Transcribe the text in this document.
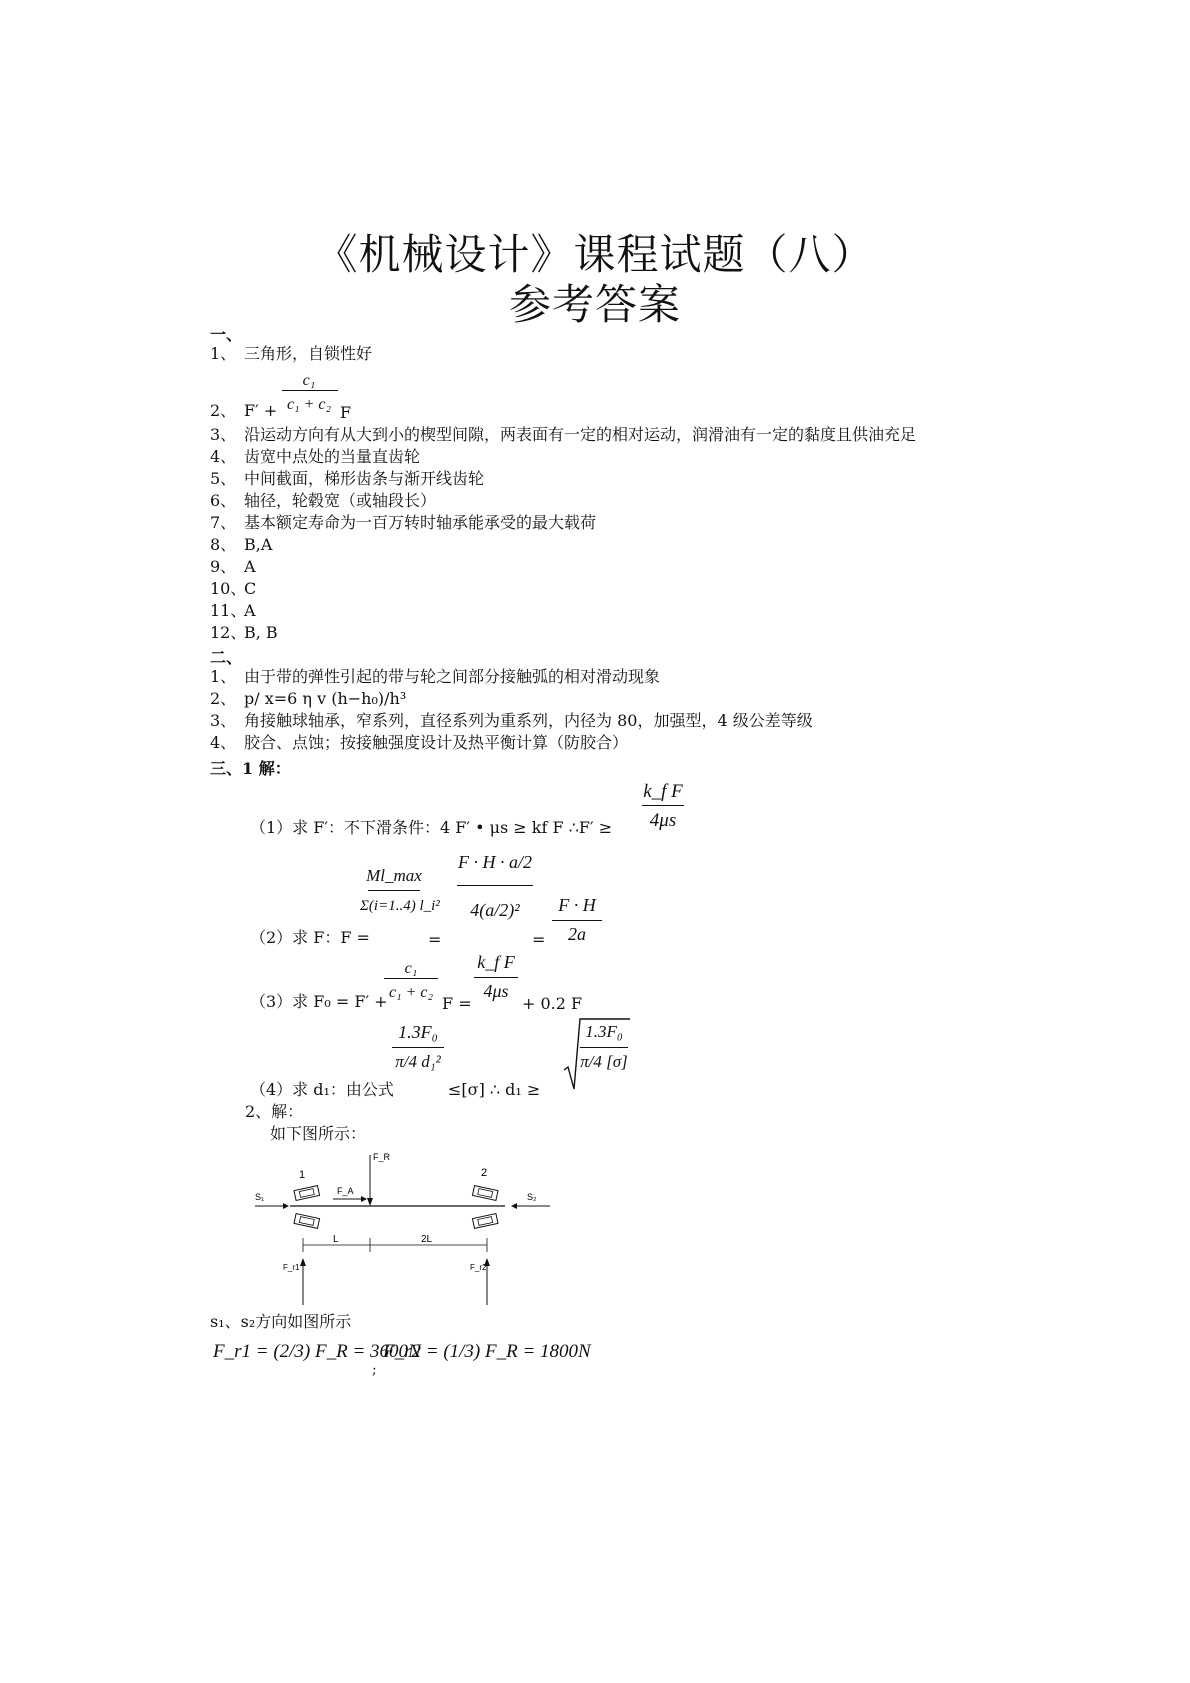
《机械设计》课程试题（八）
参考答案
一、
1、 三角形，自锁性好
2、 F′ +
c₁
c₁ + c₂ F
3、 沿运动方向有从大到小的楔型间隙，两表面有一定的相对运动，润滑油有一定的黏度且供油充足
4、 齿宽中点处的当量直齿轮
5、 中间截面，梯形齿条与渐开线齿轮
6、 轴径，轮毂宽（或轴段长）
7、 基本额定寿命为一百万转时轴承能承受的最大载荷
8、 B,A
9、 A
10、C
11、A
12、B, B
二、
1、 由于带的弹性引起的带与轮之间部分接触弧的相对滑动现象
2、 p/ x=6 η v (h−h₀)/h³
3、 角接触球轴承，窄系列，直径系列为重系列，内径为 80，加强型，4 级公差等级
4、 胶合、点蚀；按接触强度设计及热平衡计算（防胶合）
三、1 解：
（1）求 F′：不下滑条件：4 F′ • μs ≥ kf F ∴F′ ≥
k_f F
4μs
（2）求 F：F =
Ml_max
Σ(i=1..4) l_i²
=
F · H · a/2
4(a/2)²
=
F · H
2a
（3）求 F₀ = F′ +
c₁
c₁ + c₂
F =
k_f F
4μs
+ 0.2 F
（4）求 d₁：由公式
1.3F₀
π/4 d₁²
≤[σ] ∴ d₁ ≥
1.3F₀
π/4 [σ]
2、解：
如下图所示：
F_R
F_A
S₁	S₂
1	2
L	2L
F_r1	F_r2
s₁、s₂方向如图所示
F_r1 = (2/3) F_R = 3600N
;
F_r2 = (1/3) F_R = 1800N
